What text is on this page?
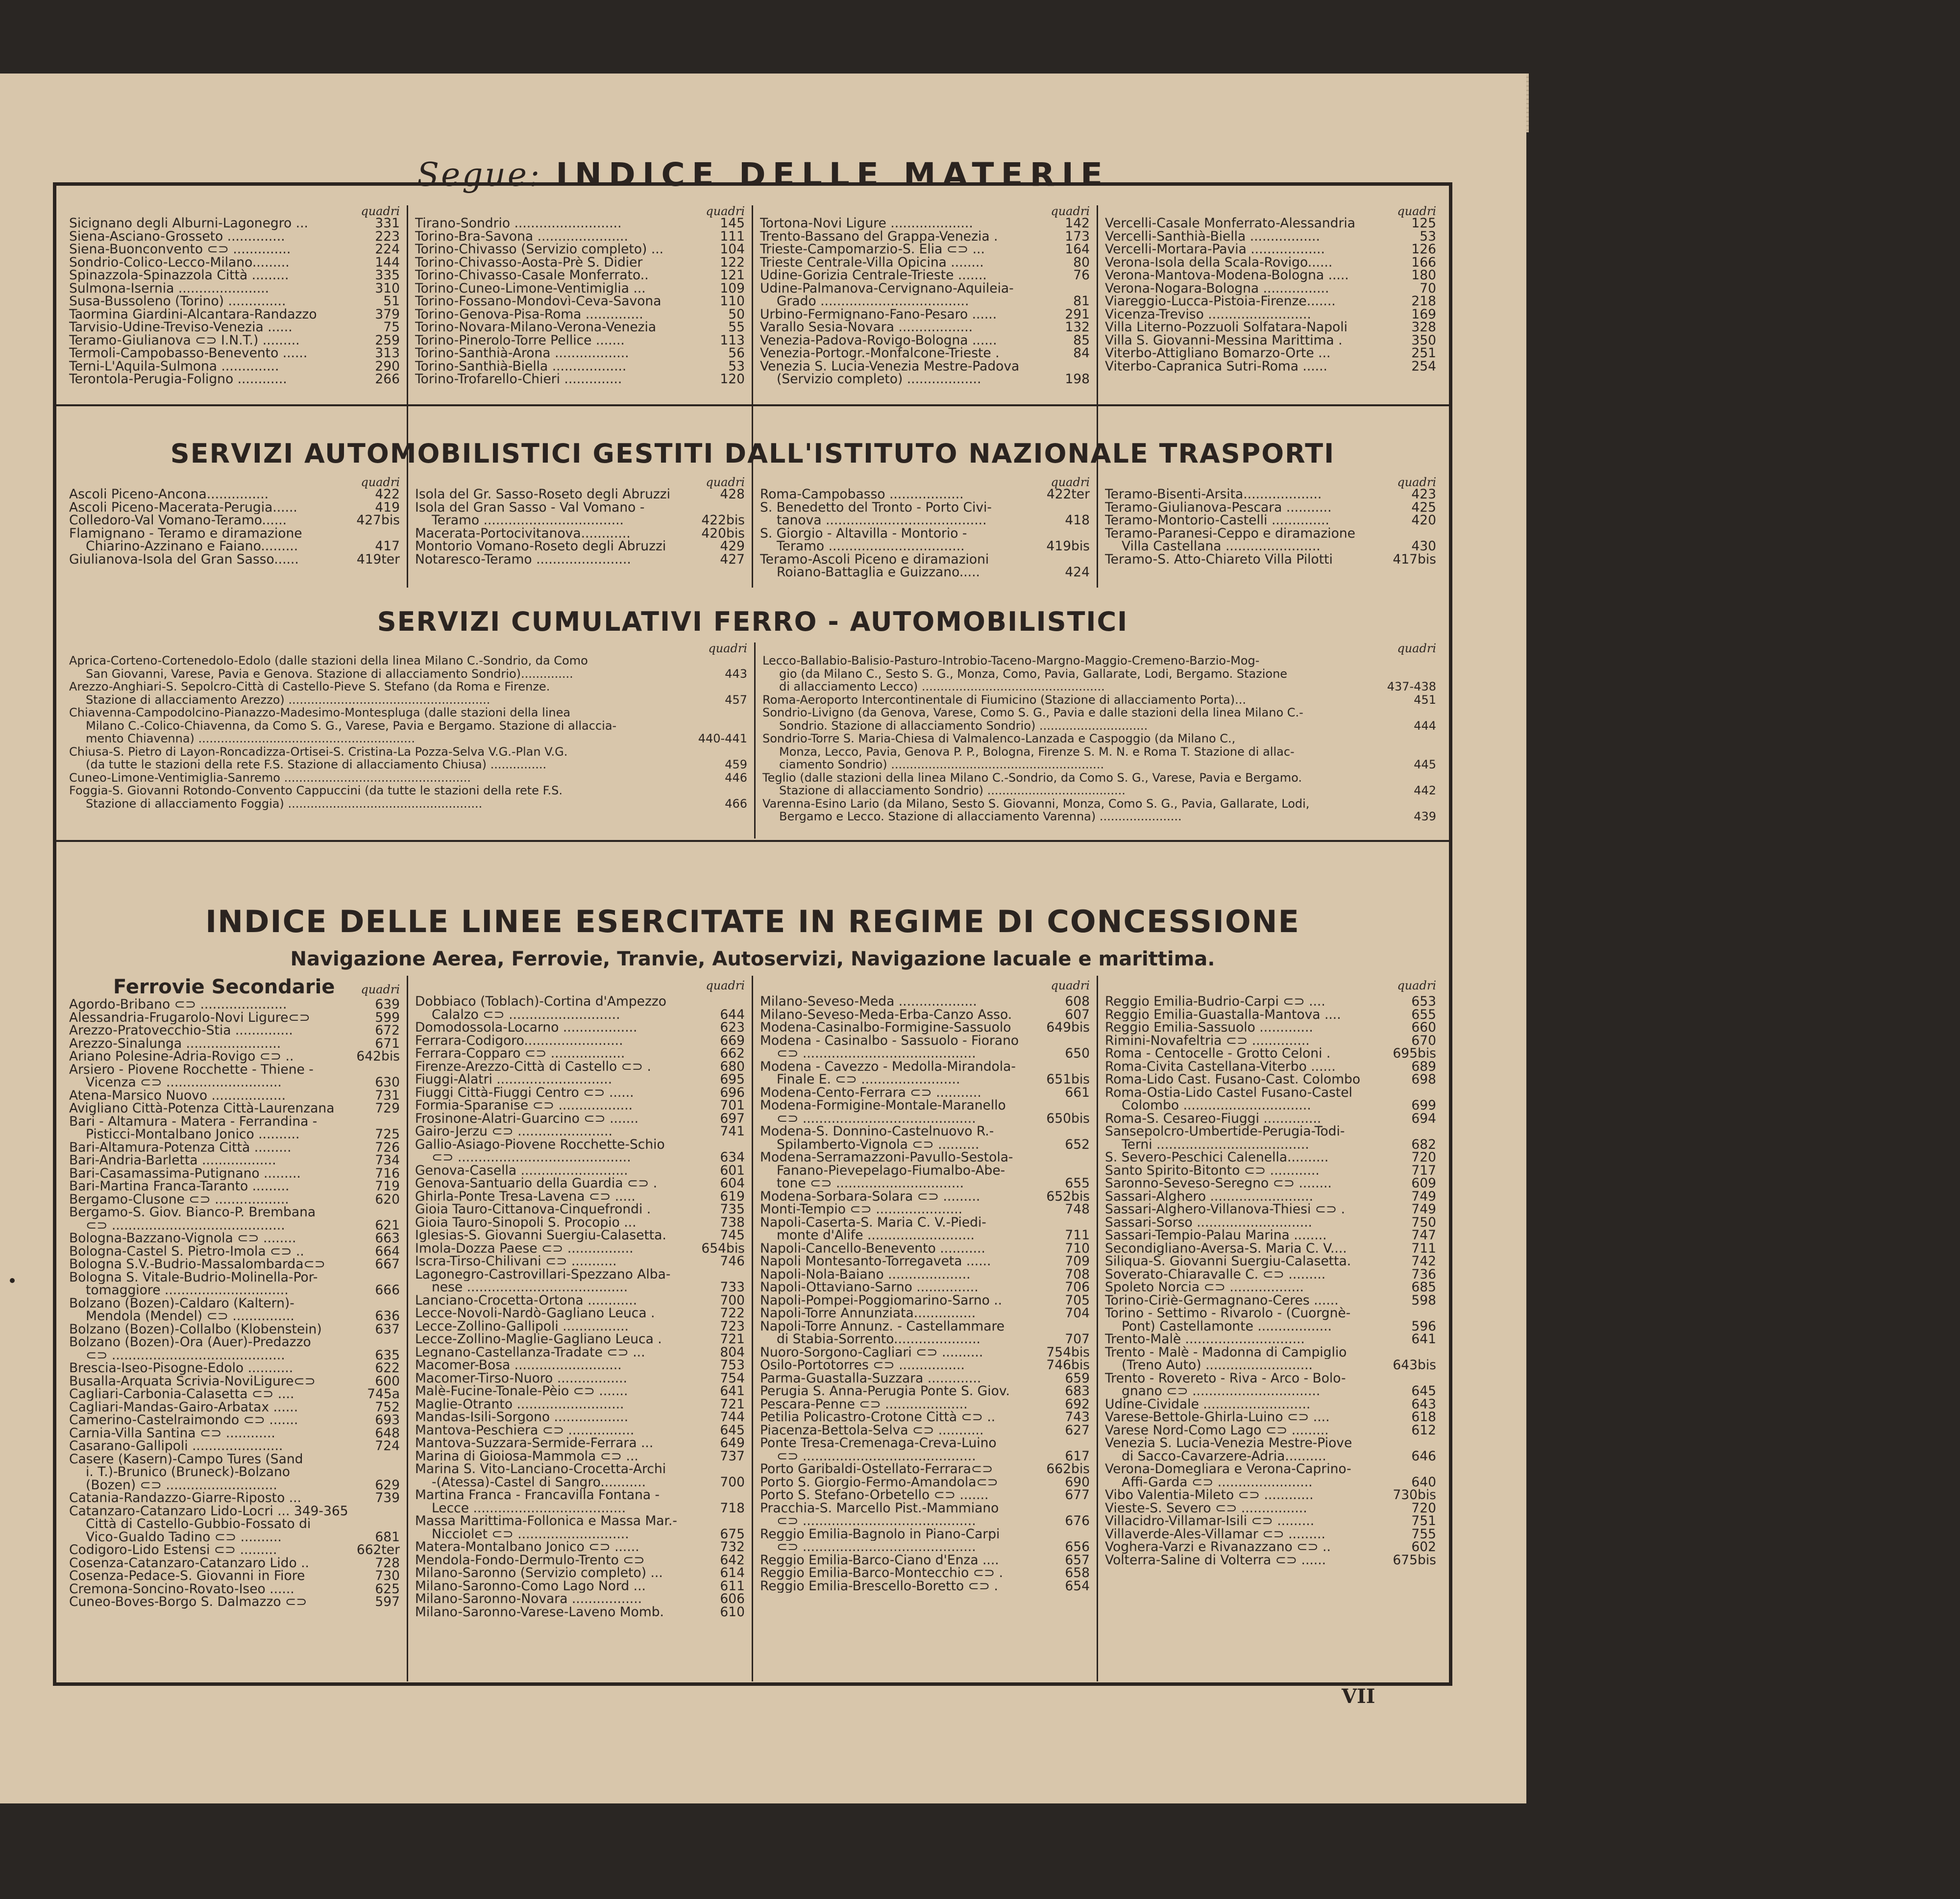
Segue: INDICE DELLE MATERIE
quadri
Sicignano degli Alburni-Lagonegro ...	331
Siena-Asciano-Grosseto ..............	223
Siena-Buonconvento ⊂⊃ ..............	224
Sondrio-Colico-Lecco-Milano.........	144
Spinazzola-Spinazzola Città .........	335
Sulmona-Isernia ......................	310
Susa-Bussoleno (Torino) ..............	51
Taormina Giardini-Alcantara-Randazzo	379
Tarvisio-Udine-Treviso-Venezia ......	75
Teramo-Giulianova ⊂⊃ I.N.T.) .........	259
Termoli-Campobasso-Benevento ......	313
Terni-L'Aquila-Sulmona ..............	290
Terontola-Perugia-Foligno ............	266
quadri
Tirano-Sondrio ..........................	145
Torino-Bra-Savona ......................	111
Torino-Chivasso (Servizio completo) ...	104
Torino-Chivasso-Aosta-Prè S. Didier	122
Torino-Chivasso-Casale Monferrato..	121
Torino-Cuneo-Limone-Ventimiglia ...	109
Torino-Fossano-Mondovì-Ceva-Savona	110
Torino-Genova-Pisa-Roma ..............	50
Torino-Novara-Milano-Verona-Venezia	55
Torino-Pinerolo-Torre Pellice .......	113
Torino-Santhià-Arona ..................	56
Torino-Santhià-Biella ..................	53
Torino-Trofarello-Chieri ..............	120
quadri
Tortona-Novi Ligure ....................	142
Trento-Bassano del Grappa-Venezia .	173
Trieste-Campomarzio-S. Elia ⊂⊃ ...	164
Trieste Centrale-Villa Opicina ........	80
Udine-Gorizia Centrale-Trieste .......	76
Udine-Palmanova-Cervignano-Aquileia-
Grado ....................................	81
Urbino-Fermignano-Fano-Pesaro ......	291
Varallo Sesia-Novara ..................	132
Venezia-Padova-Rovigo-Bologna ......	85
Venezia-Portogr.-Monfalcone-Trieste .	84
Venezia S. Lucia-Venezia Mestre-Padova
(Servizio completo) ..................	198
quadri
Vercelli-Casale Monferrato-Alessandria	125
Vercelli-Santhià-Biella .................	53
Vercelli-Mortara-Pavia ..................	126
Verona-Isola della Scala-Rovigo......	166
Verona-Mantova-Modena-Bologna .....	180
Verona-Nogara-Bologna ................	70
Viareggio-Lucca-Pistoia-Firenze.......	218
Vicenza-Treviso .........................	169
Villa Literno-Pozzuoli Solfatara-Napoli	328
Villa S. Giovanni-Messina Marittima .	350
Viterbo-Attigliano Bomarzo-Orte ...	251
Viterbo-Capranica Sutri-Roma ......	254
SERVIZI AUTOMOBILISTICI GESTITI DALL'ISTITUTO NAZIONALE TRASPORTI
quadri
Ascoli Piceno-Ancona...............	422
Ascoli Piceno-Macerata-Perugia......	419
Colledoro-Val Vomano-Teramo......	427bis
Flamignano - Teramo e diramazione
Chiarino-Azzinano e Faiano.........	417
Giulianova-Isola del Gran Sasso......	419ter
quadri
Isola del Gr. Sasso-Roseto degli Abruzzi	428
Isola del Gran Sasso - Val Vomano -
Teramo ..................................	422bis
Macerata-Portocivitanova............	420bis
Montorio Vomano-Roseto degli Abruzzi	429
Notaresco-Teramo .......................	427
quadri
Roma-Campobasso ..................	422ter
S. Benedetto del Tronto - Porto Civi-
tanova .......................................	418
S. Giorgio - Altavilla - Montorio -
Teramo .................................	419bis
Teramo-Ascoli Piceno e diramazioni
Roiano-Battaglia e Guizzano.....	424
quadri
Teramo-Bisenti-Arsita...................	423
Teramo-Giulianova-Pescara ...........	425
Teramo-Montorio-Castelli ..............	420
Teramo-Paranesi-Ceppo e diramazione
Villa Castellana .......................	430
Teramo-S. Atto-Chiareto Villa Pilotti	417bis
SERVIZI CUMULATIVI FERRO - AUTOMOBILISTICI
quadri
Aprica-Corteno-Cortenedolo-Edolo (dalle stazioni della linea Milano C.-Sondrio, da Como
San Giovanni, Varese, Pavia e Genova. Stazione di allacciamento Sondrio)..............	443
Arezzo-Anghiari-S. Sepolcro-Città di Castello-Pieve S. Stefano (da Roma e Firenze.
Stazione di allacciamento Arezzo) ......................................................	457
Chiavenna-Campodolcino-Pianazzo-Madesimo-Montespluga (dalle stazioni della linea
Milano C.-Colico-Chiavenna, da Como S. G., Varese, Pavia e Bergamo. Stazione di allaccia-
mento Chiavenna) ..........................................................	440-441
Chiusa-S. Pietro di Layon-Roncadizza-Ortisei-S. Cristina-La Pozza-Selva V.G.-Plan V.G.
(da tutte le stazioni della rete F.S. Stazione di allacciamento Chiusa) ...............	459
Cuneo-Limone-Ventimiglia-Sanremo ..................................................	446
Foggia-S. Giovanni Rotondo-Convento Cappuccini (da tutte le stazioni della rete F.S.
Stazione di allacciamento Foggia) ....................................................	466
quadri
Lecco-Ballabio-Balisio-Pasturo-Introbio-Taceno-Margno-Maggio-Cremeno-Barzio-Mog-
gio (da Milano C., Sesto S. G., Monza, Como, Pavia, Gallarate, Lodi, Bergamo. Stazione
di allacciamento Lecco) .................................................	437-438
Roma-Aeroporto Intercontinentale di Fiumicino (Stazione di allacciamento Porta)...	451
Sondrio-Livigno (da Genova, Varese, Como S. G., Pavia e dalle stazioni della linea Milano C.-
Sondrio. Stazione di allacciamento Sondrio) .............................	444
Sondrio-Torre S. Maria-Chiesa di Valmalenco-Lanzada e Caspoggio (da Milano C.,
Monza, Lecco, Pavia, Genova P. P., Bologna, Firenze S. M. N. e Roma T. Stazione di allac-
ciamento Sondrio) .........................................................	445
Teglio (dalle stazioni della linea Milano C.-Sondrio, da Como S. G., Varese, Pavia e Bergamo.
Stazione di allacciamento Sondrio) .....................................	442
Varenna-Esino Lario (da Milano, Sesto S. Giovanni, Monza, Como S. G., Pavia, Gallarate, Lodi,
Bergamo e Lecco. Stazione di allacciamento Varenna) ......................	439
INDICE DELLE LINEE ESERCITATE IN REGIME DI CONCESSIONE
Navigazione Aerea, Ferrovie, Tranvie, Autoservizi, Navigazione lacuale e marittima.
Ferrovie Secondarie quadri
Agordo-Bribano ⊂⊃ .....................	639
Alessandria-Frugarolo-Novi Ligure⊂⊃	599
Arezzo-Pratovecchio-Stia ..............	672
Arezzo-Sinalunga .......................	671
Ariano Polesine-Adria-Rovigo ⊂⊃ ..	642bis
Arsiero - Piovene Rocchette - Thiene -
Vicenza ⊂⊃ ............................	630
Atena-Marsico Nuovo ..................	731
Avigliano Città-Potenza Città-Laurenzana	729
Bari - Altamura - Matera - Ferrandina -
Pisticci-Montalbano Jonico ..........	725
Bari-Altamura-Potenza Città .........	726
Bari-Andria-Barletta ..................	734
Bari-Casamassima-Putignano .........	716
Bari-Martina Franca-Taranto .........	719
Bergamo-Clusone ⊂⊃ ..................	620
Bergamo-S. Giov. Bianco-P. Brembana
⊂⊃ ..........................................	621
Bologna-Bazzano-Vignola ⊂⊃ ........	663
Bologna-Castel S. Pietro-Imola ⊂⊃ ..	664
Bologna S.V.-Budrio-Massalombarda⊂⊃	667
Bologna S. Vitale-Budrio-Molinella-Por-
tomaggiore ..............................	666
Bolzano (Bozen)-Caldaro (Kaltern)-
Mendola (Mendel) ⊂⊃ ...............	636
Bolzano (Bozen)-Collalbo (Klobenstein)	637
Bolzano (Bozen)-Ora (Auer)-Predazzo
⊂⊃ ..........................................	635
Brescia-Iseo-Pisogne-Edolo ...........	622
Busalla-Arquata Scrivia-NoviLigure⊂⊃	600
Cagliari-Carbonia-Calasetta ⊂⊃ ....	745a
Cagliari-Mandas-Gairo-Arbatax ......	752
Camerino-Castelraimondo ⊂⊃ .......	693
Carnia-Villa Santina ⊂⊃ ............	648
Casarano-Gallipoli ......................	724
Casere (Kasern)-Campo Tures (Sand
i. T.)-Brunico (Bruneck)-Bolzano
(Bozen) ⊂⊃ ...........................	629
Catania-Randazzo-Giarre-Riposto ...	739
Catanzaro-Catanzaro Lido-Locri ... 349-365
Città di Castello-Gubbio-Fossato di
Vico-Gualdo Tadino ⊂⊃ ..........	681
Codigoro-Lido Estensi ⊂⊃ .........	662ter
Cosenza-Catanzaro-Catanzaro Lido ..	728
Cosenza-Pedace-S. Giovanni in Fiore	730
Cremona-Soncino-Rovato-Iseo ......	625
Cuneo-Boves-Borgo S. Dalmazzo ⊂⊃	597
quadri
Dobbiaco (Toblach)-Cortina d'Ampezzo
Calalzo ⊂⊃ ...........................	644
Domodossola-Locarno ..................	623
Ferrara-Codigoro........................	669
Ferrara-Copparo ⊂⊃ ..................	662
Firenze-Arezzo-Città di Castello ⊂⊃ .	680
Fiuggi-Alatri ............................	695
Fiuggi Città-Fiuggi Centro ⊂⊃ ......	696
Formia-Sparanise ⊂⊃ ..................	701
Frosinone-Alatri-Guarcino ⊂⊃ .......	697
Gairo-Jerzu ⊂⊃ .......................	741
Gallio-Asiago-Piovene Rocchette-Schio
⊂⊃ ..........................................	634
Genova-Casella ..........................	601
Genova-Santuario della Guardia ⊂⊃ .	604
Ghirla-Ponte Tresa-Lavena ⊂⊃ .....	619
Gioia Tauro-Cittanova-Cinquefrondi .	735
Gioia Tauro-Sinopoli S. Procopio ...	738
Iglesias-S. Giovanni Suergiu-Calasetta.	745
Imola-Dozza Paese ⊂⊃ ................	654bis
Iscra-Tirso-Chilivani ⊂⊃ ...........	746
Lagonegro-Castrovillari-Spezzano Alba-
nese .......................................	733
Lanciano-Crocetta-Ortona ............	700
Lecce-Novoli-Nardò-Gagliano Leuca .	722
Lecce-Zollino-Gallipoli ................	723
Lecce-Zollino-Maglie-Gagliano Leuca .	721
Legnano-Castellanza-Tradate ⊂⊃ ...	804
Macomer-Bosa ..........................	753
Macomer-Tirso-Nuoro .................	754
Malè-Fucine-Tonale-Pèio ⊂⊃ .......	641
Maglie-Otranto ..........................	721
Mandas-Isili-Sorgono ..................	744
Mantova-Peschiera ⊂⊃ ................	645
Mantova-Suzzara-Sermide-Ferrara ...	649
Marina di Gioiosa-Mammola ⊂⊃ ...	737
Marina S. Vito-Lanciano-Crocetta-Archi
-(Atessa)-Castel di Sangro...........	700
Martina Franca - Francavilla Fontana -
Lecce .....................................	718
Massa Marittima-Follonica e Massa Mar.-
Nicciolet ⊂⊃ ...........................	675
Matera-Montalbano Jonico ⊂⊃ ......	732
Mendola-Fondo-Dermulo-Trento ⊂⊃	642
Milano-Saronno (Servizio completo) ...	614
Milano-Saronno-Como Lago Nord ...	611
Milano-Saronno-Novara .................	606
Milano-Saronno-Varese-Laveno Momb.	610
quadri
Milano-Seveso-Meda ...................	608
Milano-Seveso-Meda-Erba-Canzo Asso.	607
Modena-Casinalbo-Formigine-Sassuolo	649bis
Modena - Casinalbo - Sassuolo - Fiorano
⊂⊃ ..........................................	650
Modena - Cavezzo - Medolla-Mirandola-
Finale E. ⊂⊃ ........................	651bis
Modena-Cento-Ferrara ⊂⊃ ...........	661
Modena-Formigine-Montale-Maranello
⊂⊃ ..........................................	650bis
Modena-S. Donnino-Castelnuovo R.-
Spilamberto-Vignola ⊂⊃ ..........	652
Modena-Serramazzoni-Pavullo-Sestola-
Fanano-Pievepelago-Fiumalbo-Abe-
tone ⊂⊃ ...............................	655
Modena-Sorbara-Solara ⊂⊃ .........	652bis
Monti-Tempio ⊂⊃ .....................	748
Napoli-Caserta-S. Maria C. V.-Piedi-
monte d'Alife ..........................	711
Napoli-Cancello-Benevento ...........	710
Napoli Montesanto-Torregaveta ......	709
Napoli-Nola-Baiano ....................	708
Napoli-Ottaviano-Sarno ...............	706
Napoli-Pompei-Poggiomarino-Sarno ..	705
Napoli-Torre Annunziata...............	704
Napoli-Torre Annunz. - Castellammare
di Stabia-Sorrento.....................	707
Nuoro-Sorgono-Cagliari ⊂⊃ ..........	754bis
Osilo-Portotorres ⊂⊃ ................	746bis
Parma-Guastalla-Suzzara .............	659
Perugia S. Anna-Perugia Ponte S. Giov.	683
Pescara-Penne ⊂⊃ ....................	692
Petilia Policastro-Crotone Città ⊂⊃ ..	743
Piacenza-Bettola-Selva ⊂⊃ ...........	627
Ponte Tresa-Cremenaga-Creva-Luino
⊂⊃ ..........................................	617
Porto Garibaldi-Ostellato-Ferrara⊂⊃	662bis
Porto S. Giorgio-Fermo-Amandola⊂⊃	690
Porto S. Stefano-Orbetello ⊂⊃ .......	677
Pracchia-S. Marcello Pist.-Mammiano
⊂⊃ ..........................................	676
Reggio Emilia-Bagnolo in Piano-Carpi
⊂⊃ ..........................................	656
Reggio Emilia-Barco-Ciano d'Enza ....	657
Reggio Emilia-Barco-Montecchio ⊂⊃ .	658
Reggio Emilia-Brescello-Boretto ⊂⊃ .	654
quadri
Reggio Emilia-Budrio-Carpi ⊂⊃ ....	653
Reggio Emilia-Guastalla-Mantova ....	655
Reggio Emilia-Sassuolo .............	660
Rimini-Novafeltria ⊂⊃ ..............	670
Roma - Centocelle - Grotto Celoni .	695bis
Roma-Civita Castellana-Viterbo ......	689
Roma-Lido Cast. Fusano-Cast. Colombo	698
Roma-Ostia-Lido Castel Fusano-Castel
Colombo ...............................	699
Roma-S. Cesareo-Fiuggi ..............	694
Sansepolcro-Umbertide-Perugia-Todi-
Terni .....................................	682
S. Severo-Peschici Calenella..........	720
Santo Spirito-Bitonto ⊂⊃ ............	717
Saronno-Seveso-Seregno ⊂⊃ ........	609
Sassari-Alghero .........................	749
Sassari-Alghero-Villanova-Thiesi ⊂⊃ .	749
Sassari-Sorso ............................	750
Sassari-Tempio-Palau Marina ........	747
Secondigliano-Aversa-S. Maria C. V....	711
Siliqua-S. Giovanni Suergiu-Calasetta.	742
Soverato-Chiaravalle C. ⊂⊃ .........	736
Spoleto Norcia ⊂⊃ ..................	685
Torino-Ciriè-Germagnano-Ceres ......	598
Torino - Settimo - Rivarolo - (Cuorgnè-
Pont) Castellamonte ..................	596
Trento-Malè .............................	641
Trento - Malè - Madonna di Campiglio
(Treno Auto) ..........................	643bis
Trento - Rovereto - Riva - Arco - Bolo-
gnano ⊂⊃ ...............................	645
Udine-Cividale ..........................	643
Varese-Bettole-Ghirla-Luino ⊂⊃ ....	618
Varese Nord-Como Lago ⊂⊃ .........	612
Venezia S. Lucia-Venezia Mestre-Piove
di Sacco-Cavarzere-Adria..........	646
Verona-Domegliara e Verona-Caprino-
Affi-Garda ⊂⊃ .......................	640
Vibo Valentia-Mileto ⊂⊃ ............	730bis
Vieste-S. Severo ⊂⊃ ................	720
Villacidro-Villamar-Isili ⊂⊃ .........	751
Villaverde-Ales-Villamar ⊂⊃ .........	755
Voghera-Varzi e Rivanazzano ⊂⊃ ..	602
Volterra-Saline di Volterra ⊂⊃ ......	675bis
VII
